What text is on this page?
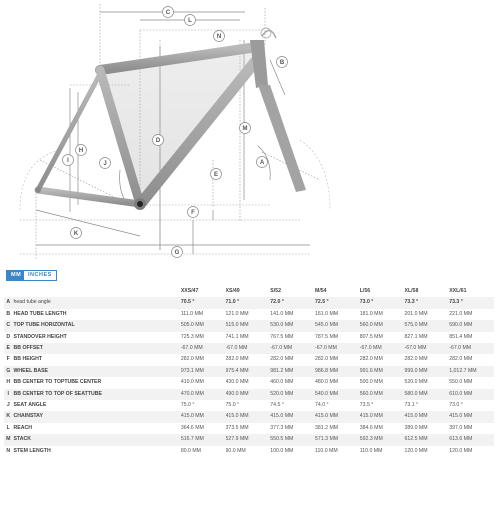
C
L
N
B
M
D
H
I	J	A
E
F
K
G
MM	INCHES
		XXS/47	XS/49	S/52	M/54	L/56	XL/58	XXL/61
A	head tube angle	70.5 °	71.0 °	72.0 °	72.5 °	73.0 °	73.3 °	73.3 °
B	HEAD TUBE LENGTH	111.0 MM	121.0 MM	141.0 MM	161.0 MM	181.0 MM	201.0 MM	221.0 MM
C	TOP TUBE HORIZONTAL	505.0 MM	515.0 MM	530.0 MM	545.0 MM	560.0 MM	575.0 MM	590.0 MM
D	STANDOVER HEIGHT	725.3 MM	741.1 MM	767.5 MM	787.5 MM	807.5 MM	827.1 MM	851.4 MM
E	BB OFFSET	-67.0 MM	-67.0 MM	-67.0 MM	-67.0 MM	-67.0 MM	-67.0 MM	-67.0 MM
F	BB HEIGHT	282.0 MM	282.0 MM	282.0 MM	282.0 MM	282.0 MM	282.0 MM	282.0 MM
G	WHEEL BASE	973.1 MM	975.4 MM	981.2 MM	986.8 MM	991.6 MM	999.0 MM	1,012.7 MM
H	BB CENTER TO TOPTUBE CENTER	410.0 MM	430.0 MM	460.0 MM	480.0 MM	500.0 MM	520.0 MM	550.0 MM
I	BB CENTER TO TOP OF SEATTUBE	470.0 MM	490.0 MM	520.0 MM	540.0 MM	560.0 MM	580.0 MM	610.0 MM
J	SEAT ANGLE	75.0 °	75.0 °	74.5 °	74.0 °	73.5 °	73.1 °	73.0 °
K	CHAINSTAY	415.0 MM	415.0 MM	415.0 MM	415.0 MM	415.0 MM	415.0 MM	415.0 MM
L	REACH	364.6 MM	373.5 MM	377.3 MM	381.2 MM	384.6 MM	389.0 MM	397.0 MM
M	STACK	516.7 MM	527.9 MM	550.5 MM	571.3 MM	592.3 MM	612.5 MM	613.6 MM
N	STEM LENGTH	80.0 MM	90.0 MM	100.0 MM	110.0 MM	110.0 MM	120.0 MM	120.0 MM
